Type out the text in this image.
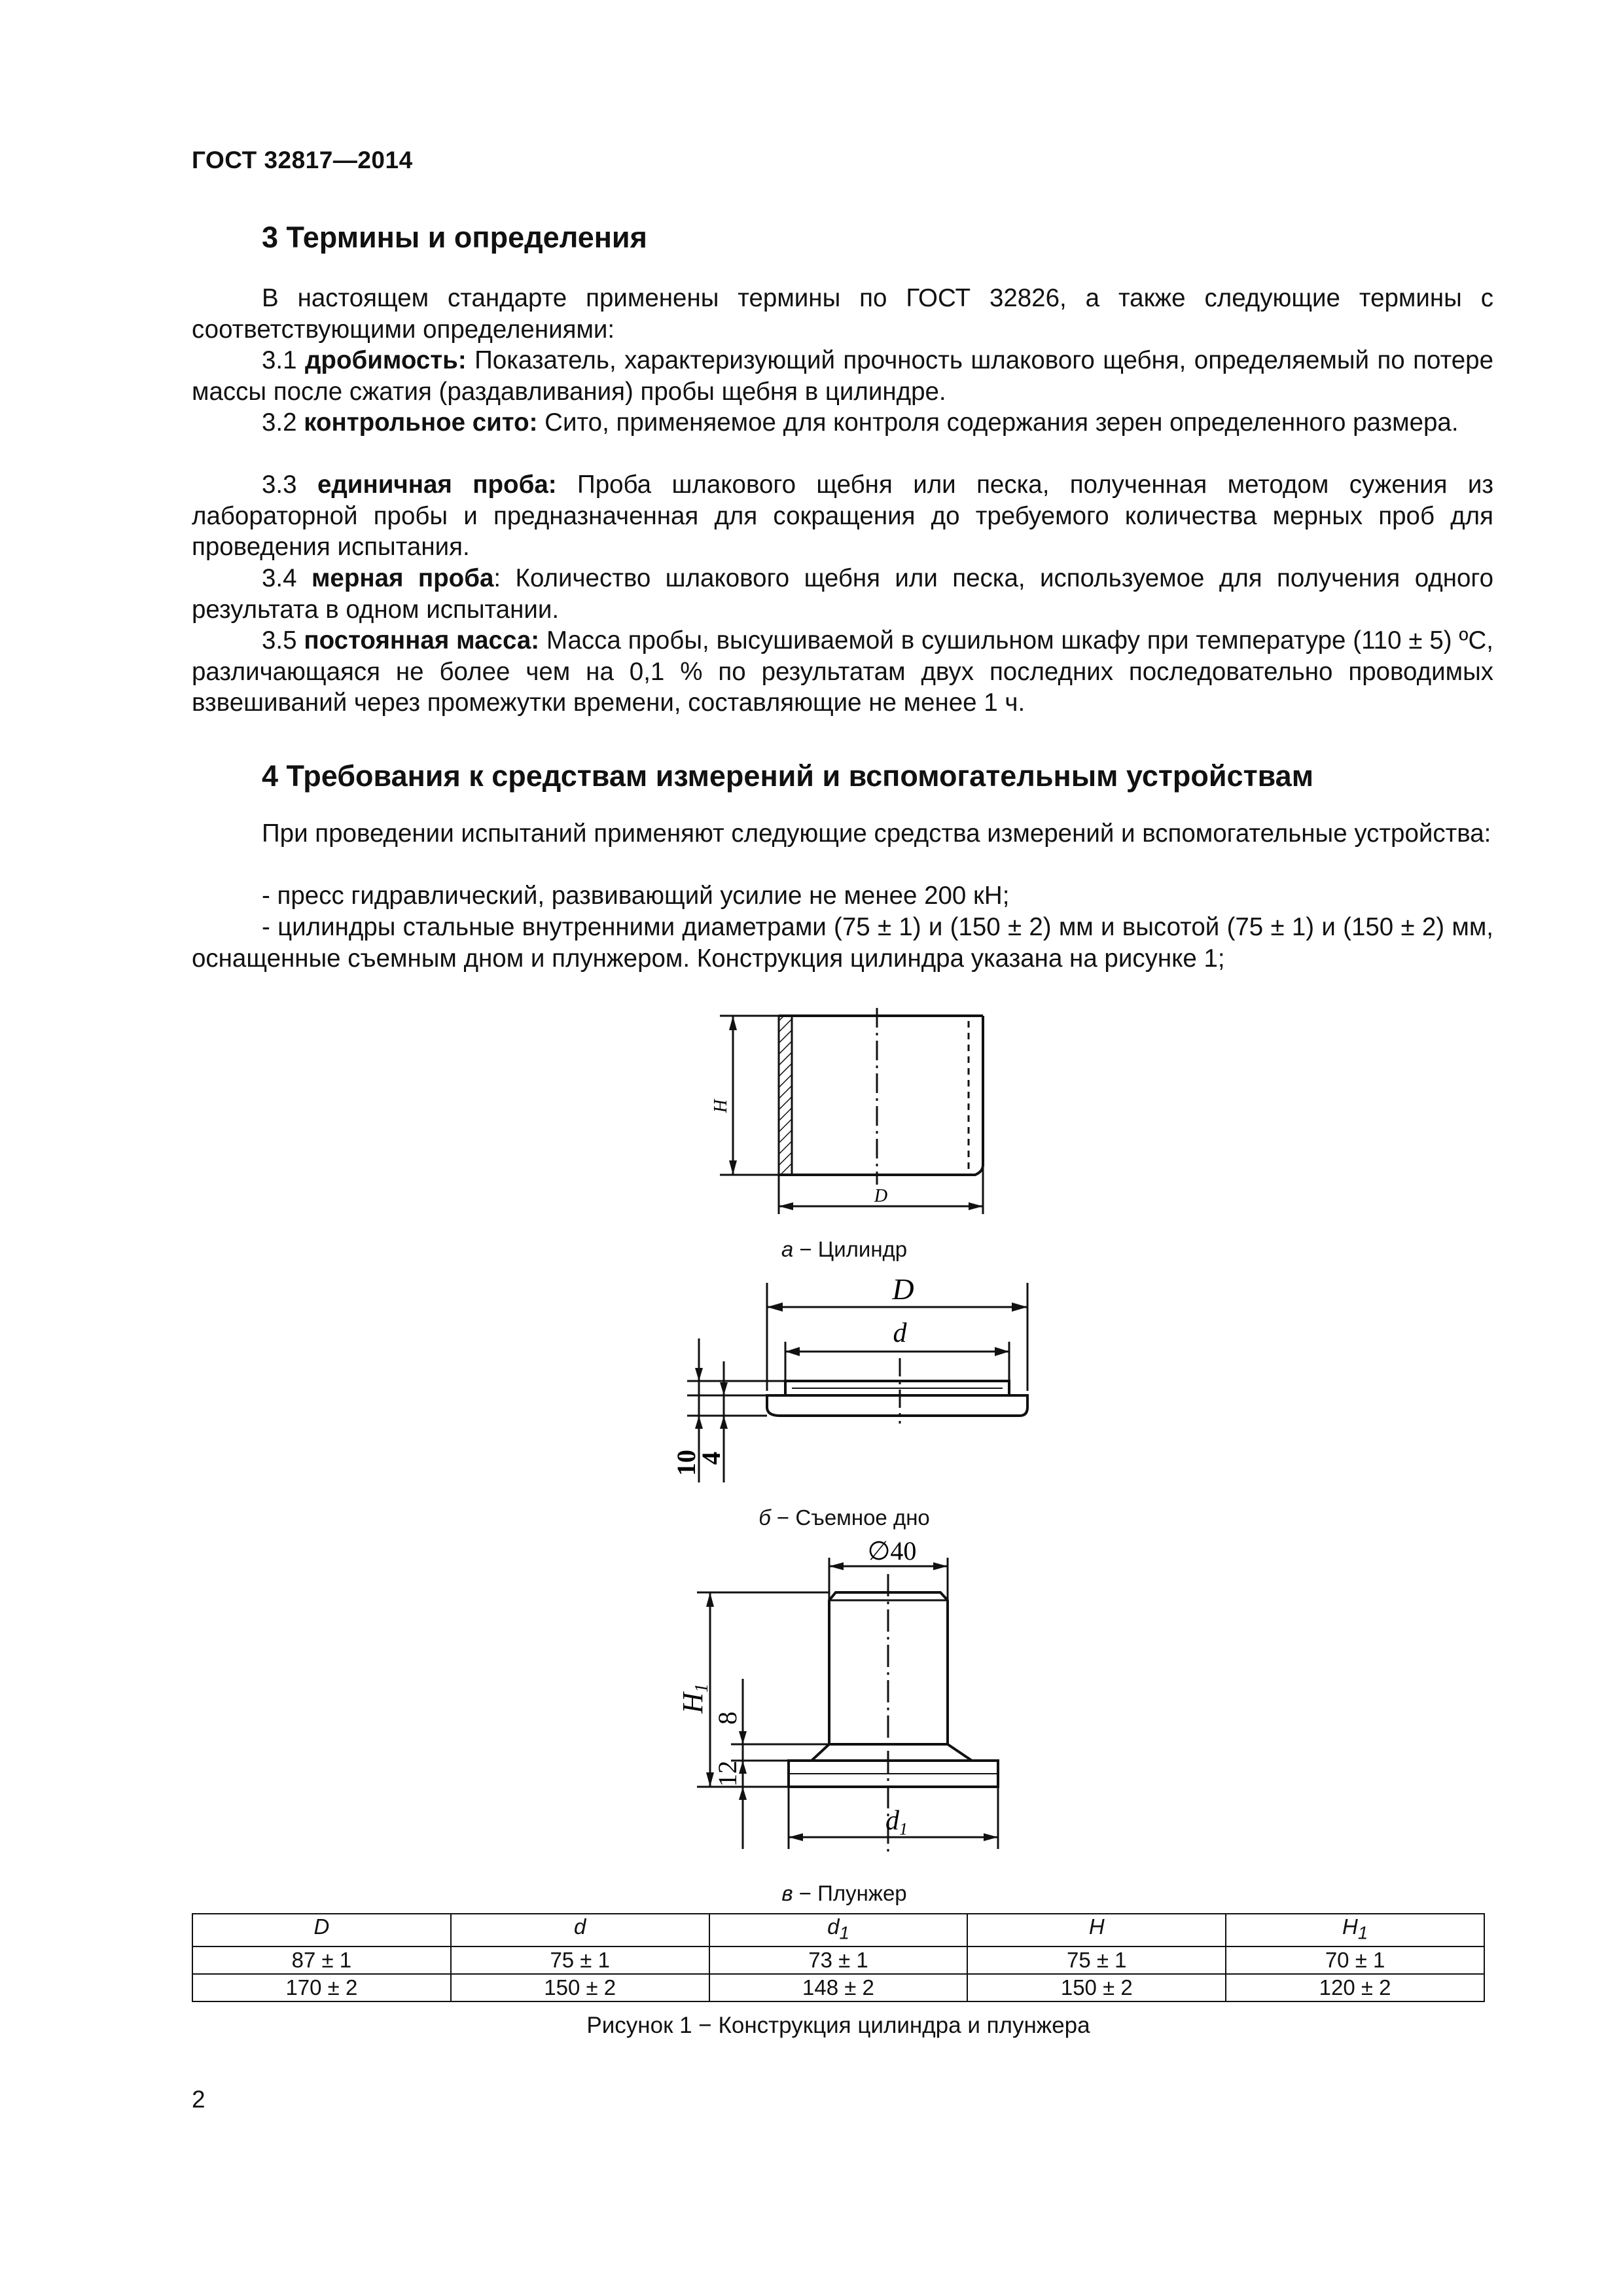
ГОСТ 32817—2014
3 Термины и определения

В настоящем стандарте применены термины по ГОСТ 32826, а также следующие термины с соответствующими определениями:

3.1 дробимость: Показатель, характеризующий прочность шлакового щебня, определяемый по потере массы после сжатия (раздавливания) пробы щебня в цилиндре.

3.2 контрольное сито: Сито, применяемое для контроля содержания зерен определенного размера.

3.3 единичная проба: Проба шлакового щебня или песка, полученная методом сужения из лабораторной пробы и предназначенная для сокращения до требуемого количества мерных проб для проведения испытания.

3.4 мерная проба: Количество шлакового щебня или песка, используемое для получения одного результата в одном испытании.

3.5 постоянная масса: Масса пробы, высушиваемой в сушильном шкафу при температуре (110 ± 5) ºС, различающаяся не более чем на 0,1 % по результатам двух последних последовательно проводимых взвешиваний через промежутки времени, составляющие не менее 1 ч.

4 Требования к средствам измерений и вспомогательным устройствам

При проведении испытаний применяют следующие средства измерений и вспомогательные устройства:

- пресс гидравлический, развивающий усилие не менее 200 кН;

- цилиндры стальные внутренними диаметрами (75 ± 1) и (150 ± 2) мм и высотой (75 ± 1) и (150 ± 2) мм, оснащенные съемным дном и плунжером. Конструкция цилиндра указана на рисунке 1;

H
D
а − Цилиндр
D
d
10
4
б − Съемное дно
∅40
H1
8
12
d1
в − Плунжер
D	d	$d_1$	H	$H_1$
87 ± 1	75 ± 1	73 ± 1	75 ± 1	70 ± 1
170 ± 2	150 ± 2	148 ± 2	150 ± 2	120 ± 2
Рисунок 1 − Конструкция цилиндра и плунжера
2
